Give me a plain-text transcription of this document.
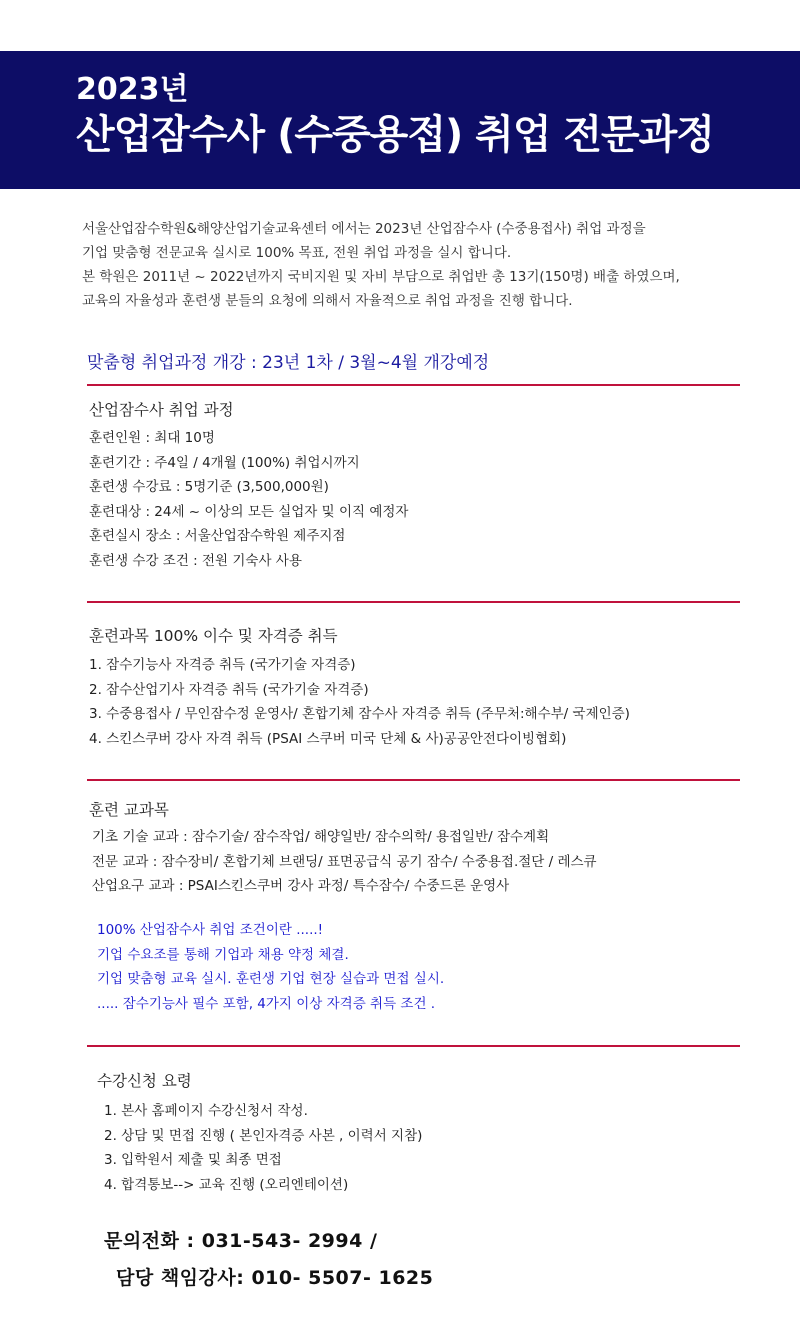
2023년
산업잠수사 (수중용접) 취업 전문과정
서울산업잠수학원&해양산업기술교육센터 에서는 2023년 산업잠수사 (수중용접사) 취업 과정을
기업 맞춤형 전문교육 실시로 100% 목표, 전원 취업 과정을 실시 합니다.
본 학원은 2011년 ~ 2022년까지 국비지원 및 자비 부담으로 취업반 총 13기(150명) 배출 하였으며,
교육의 자율성과 훈련생 분들의 요청에 의해서 자율적으로 취업 과정을 진행 합니다.
맞춤형 취업과정 개강 : 23년 1차 / 3월~4월 개강예정
산업잠수사 취업 과정
훈련인원 : 최대 10명
훈련기간 : 주4일 / 4개월 (100%) 취업시까지
훈련생 수강료 : 5명기준 (3,500,000원)
훈련대상 : 24세 ~ 이상의 모든 실업자 및 이직 예정자
훈련실시 장소 : 서울산업잠수학원 제주지점
훈련생 수강 조건 : 전원 기숙사 사용
훈련과목 100% 이수 및 자격증 취득
1. 잠수기능사 자격증 취득 (국가기술 자격증)
2. 잠수산업기사 자격증 취득 (국가기술 자격증)
3. 수중용접사 / 무인잠수정 운영사/ 혼합기체 잠수사 자격증 취득 (주무처:해수부/ 국제인증)
4. 스킨스쿠버 강사 자격 취득 (PSAI 스쿠버 미국 단체 & 사)공공안전다이빙협회)
훈련 교과목
기초 기술 교과 : 잠수기술/ 잠수작업/ 해양일반/ 잠수의학/ 용접일반/ 잠수계획
전문 교과 : 잠수장비/ 혼합기체 브랜딩/ 표면공급식 공기 잠수/ 수중용접.절단 / 레스큐
산업요구 교과 : PSAI스킨스쿠버 강사 과정/ 특수잠수/ 수중드론 운영사
100% 산업잠수사 취업 조건이란 .....!
기업 수요조를 통해 기업과 채용 약정 체결.
기업 맞춤형 교육 실시. 훈련생 기업 현장 실습과 면접 실시.
..... 잠수기능사 필수 포함, 4가지 이상 자격증 취득 조건 .
수강신청 요령
1. 본사 홈페이지 수강신청서 작성.
2. 상담 및 면접 진행 ( 본인자격증 사본 , 이력서 지참)
3. 입학원서 제출 및 최종 면접
4. 합격통보--> 교육 진행 (오리엔테이션)
문의전화 : 031-543- 2994 /
담당 책임강사: 010- 5507- 1625
